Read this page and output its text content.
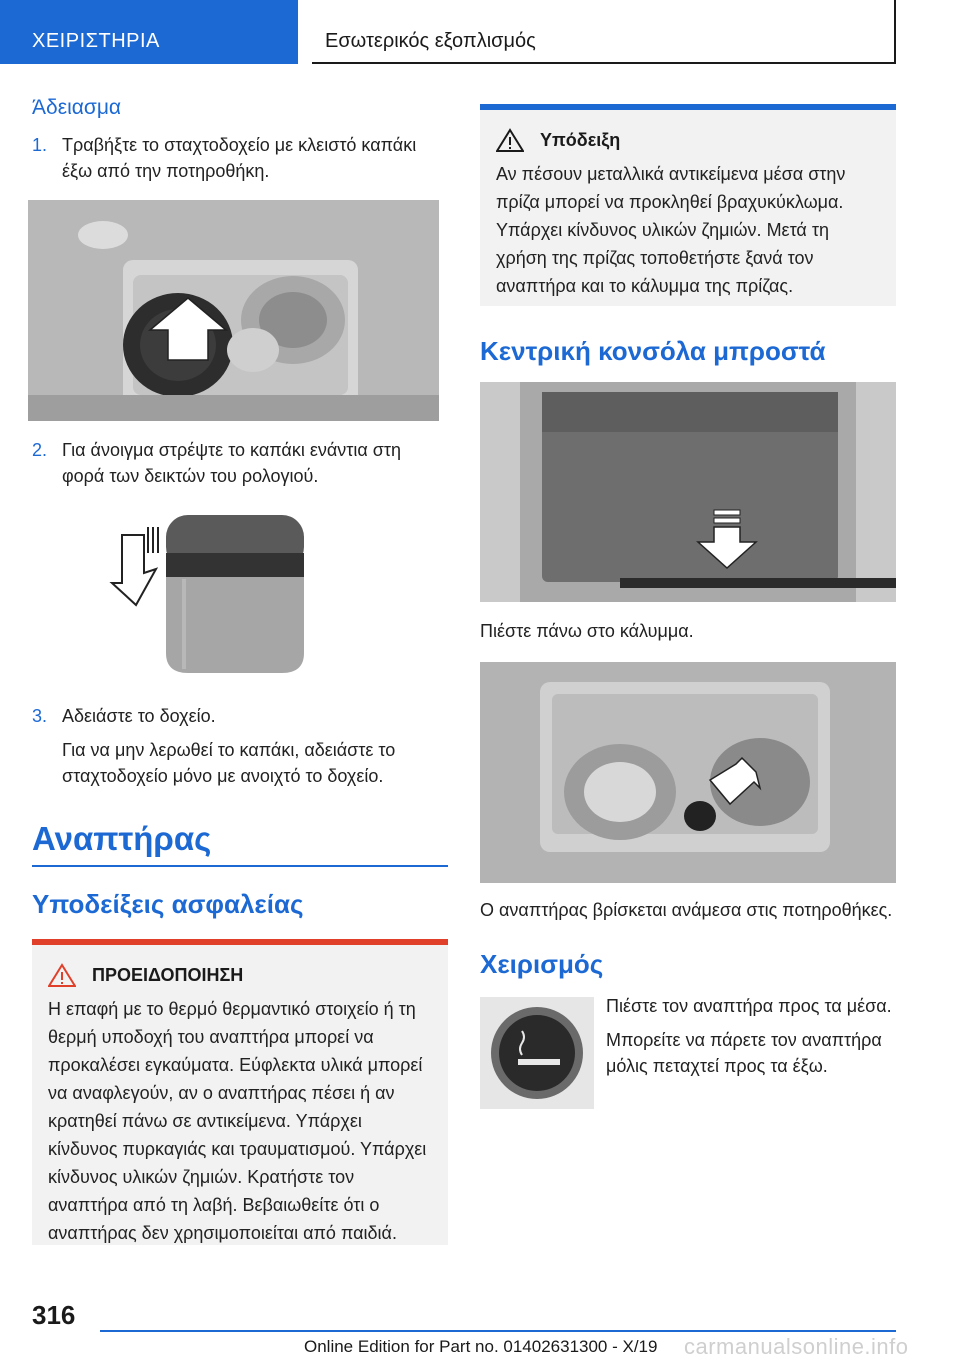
ΧΕΙΡΙΣΤΗΡΙΑ	Εσωτερικός εξοπλισμός
Άδειασμα
1. Τραβήξτε το σταχτοδοχείο με κλειστό καπάκι έξω από την ποτηροθήκη.
2. Για άνοιγμα στρέψτε το καπάκι ενάντια στη φορά των δεικτών του ρολογιού.
3. Αδειάστε το δοχείο.
Για να μην λερωθεί το καπάκι, αδειάστε το σταχτοδοχείο μόνο με ανοιχτό το δοχείο.
Αναπτήρας
Υποδείξεις ασφαλείας
ΠΡΟΕΙΔΟΠΟΙΗΣΗ
Η επαφή με το θερμό θερμαντικό στοιχείο ή τη θερμή υποδοχή του αναπτήρα μπορεί να προκαλέσει εγκαύματα. Εύφλεκτα υλικά μπορεί να αναφλεγούν, αν ο αναπτήρας πέσει ή αν κρατηθεί πάνω σε αντικείμενα. Υπάρχει κίνδυνος πυρκαγιάς και τραυματισμού. Υπάρχει κίνδυνος υλικών ζημιών. Κρατήστε τον αναπτήρα από τη λαβή. Βεβαιωθείτε ότι ο αναπτήρας δεν χρησιμοποιείται από παιδιά.
Υπόδειξη
Αν πέσουν μεταλλικά αντικείμενα μέσα στην πρίζα μπορεί να προκληθεί βραχυκύκλωμα. Υπάρχει κίνδυνος υλικών ζημιών. Μετά τη χρήση της πρίζας τοποθετήστε ξανά τον αναπτήρα και το κάλυμμα της πρίζας.
Κεντρική κονσόλα μπροστά
Πιέστε πάνω στο κάλυμμα.
Ο αναπτήρας βρίσκεται ανάμεσα στις ποτηροθήκες.
Χειρισμός
Πιέστε τον αναπτήρα προς τα μέσα.
Μπορείτε να πάρετε τον αναπτήρα μόλις πεταχτεί προς τα έξω.
316
carmanualsonline.info
Online Edition for Part no. 01402631300 - X/19
